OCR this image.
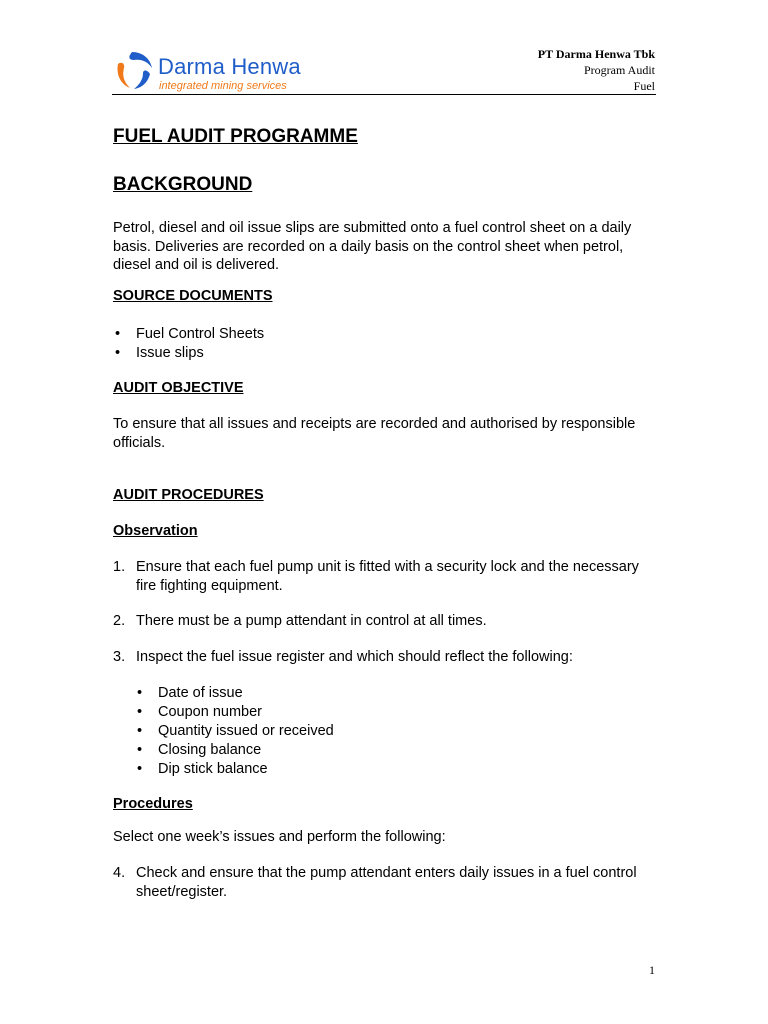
Darma Henwa
integrated mining services
PT Darma Henwa Tbk
Program Audit
Fuel
FUEL AUDIT PROGRAMME
BACKGROUND
Petrol, diesel and oil issue slips are submitted onto a fuel control sheet on a daily basis. Deliveries are recorded on a daily basis on the control sheet when petrol, diesel and oil is delivered.
SOURCE DOCUMENTS
• Fuel Control Sheets
• Issue slips
AUDIT OBJECTIVE
To ensure that all issues and receipts are recorded and authorised by responsible officials.
AUDIT PROCEDURES
Observation
1. Ensure that each fuel pump unit is fitted with a security lock and the necessary fire fighting equipment.
2. There must be a pump attendant in control at all times.
3. Inspect the fuel issue register and which should reflect the following:
• Date of issue
• Coupon number
• Quantity issued or received
• Closing balance
• Dip stick balance
Procedures
Select one week’s issues and perform the following:
4. Check and ensure that the pump attendant enters daily issues in a fuel control sheet/register.
1
